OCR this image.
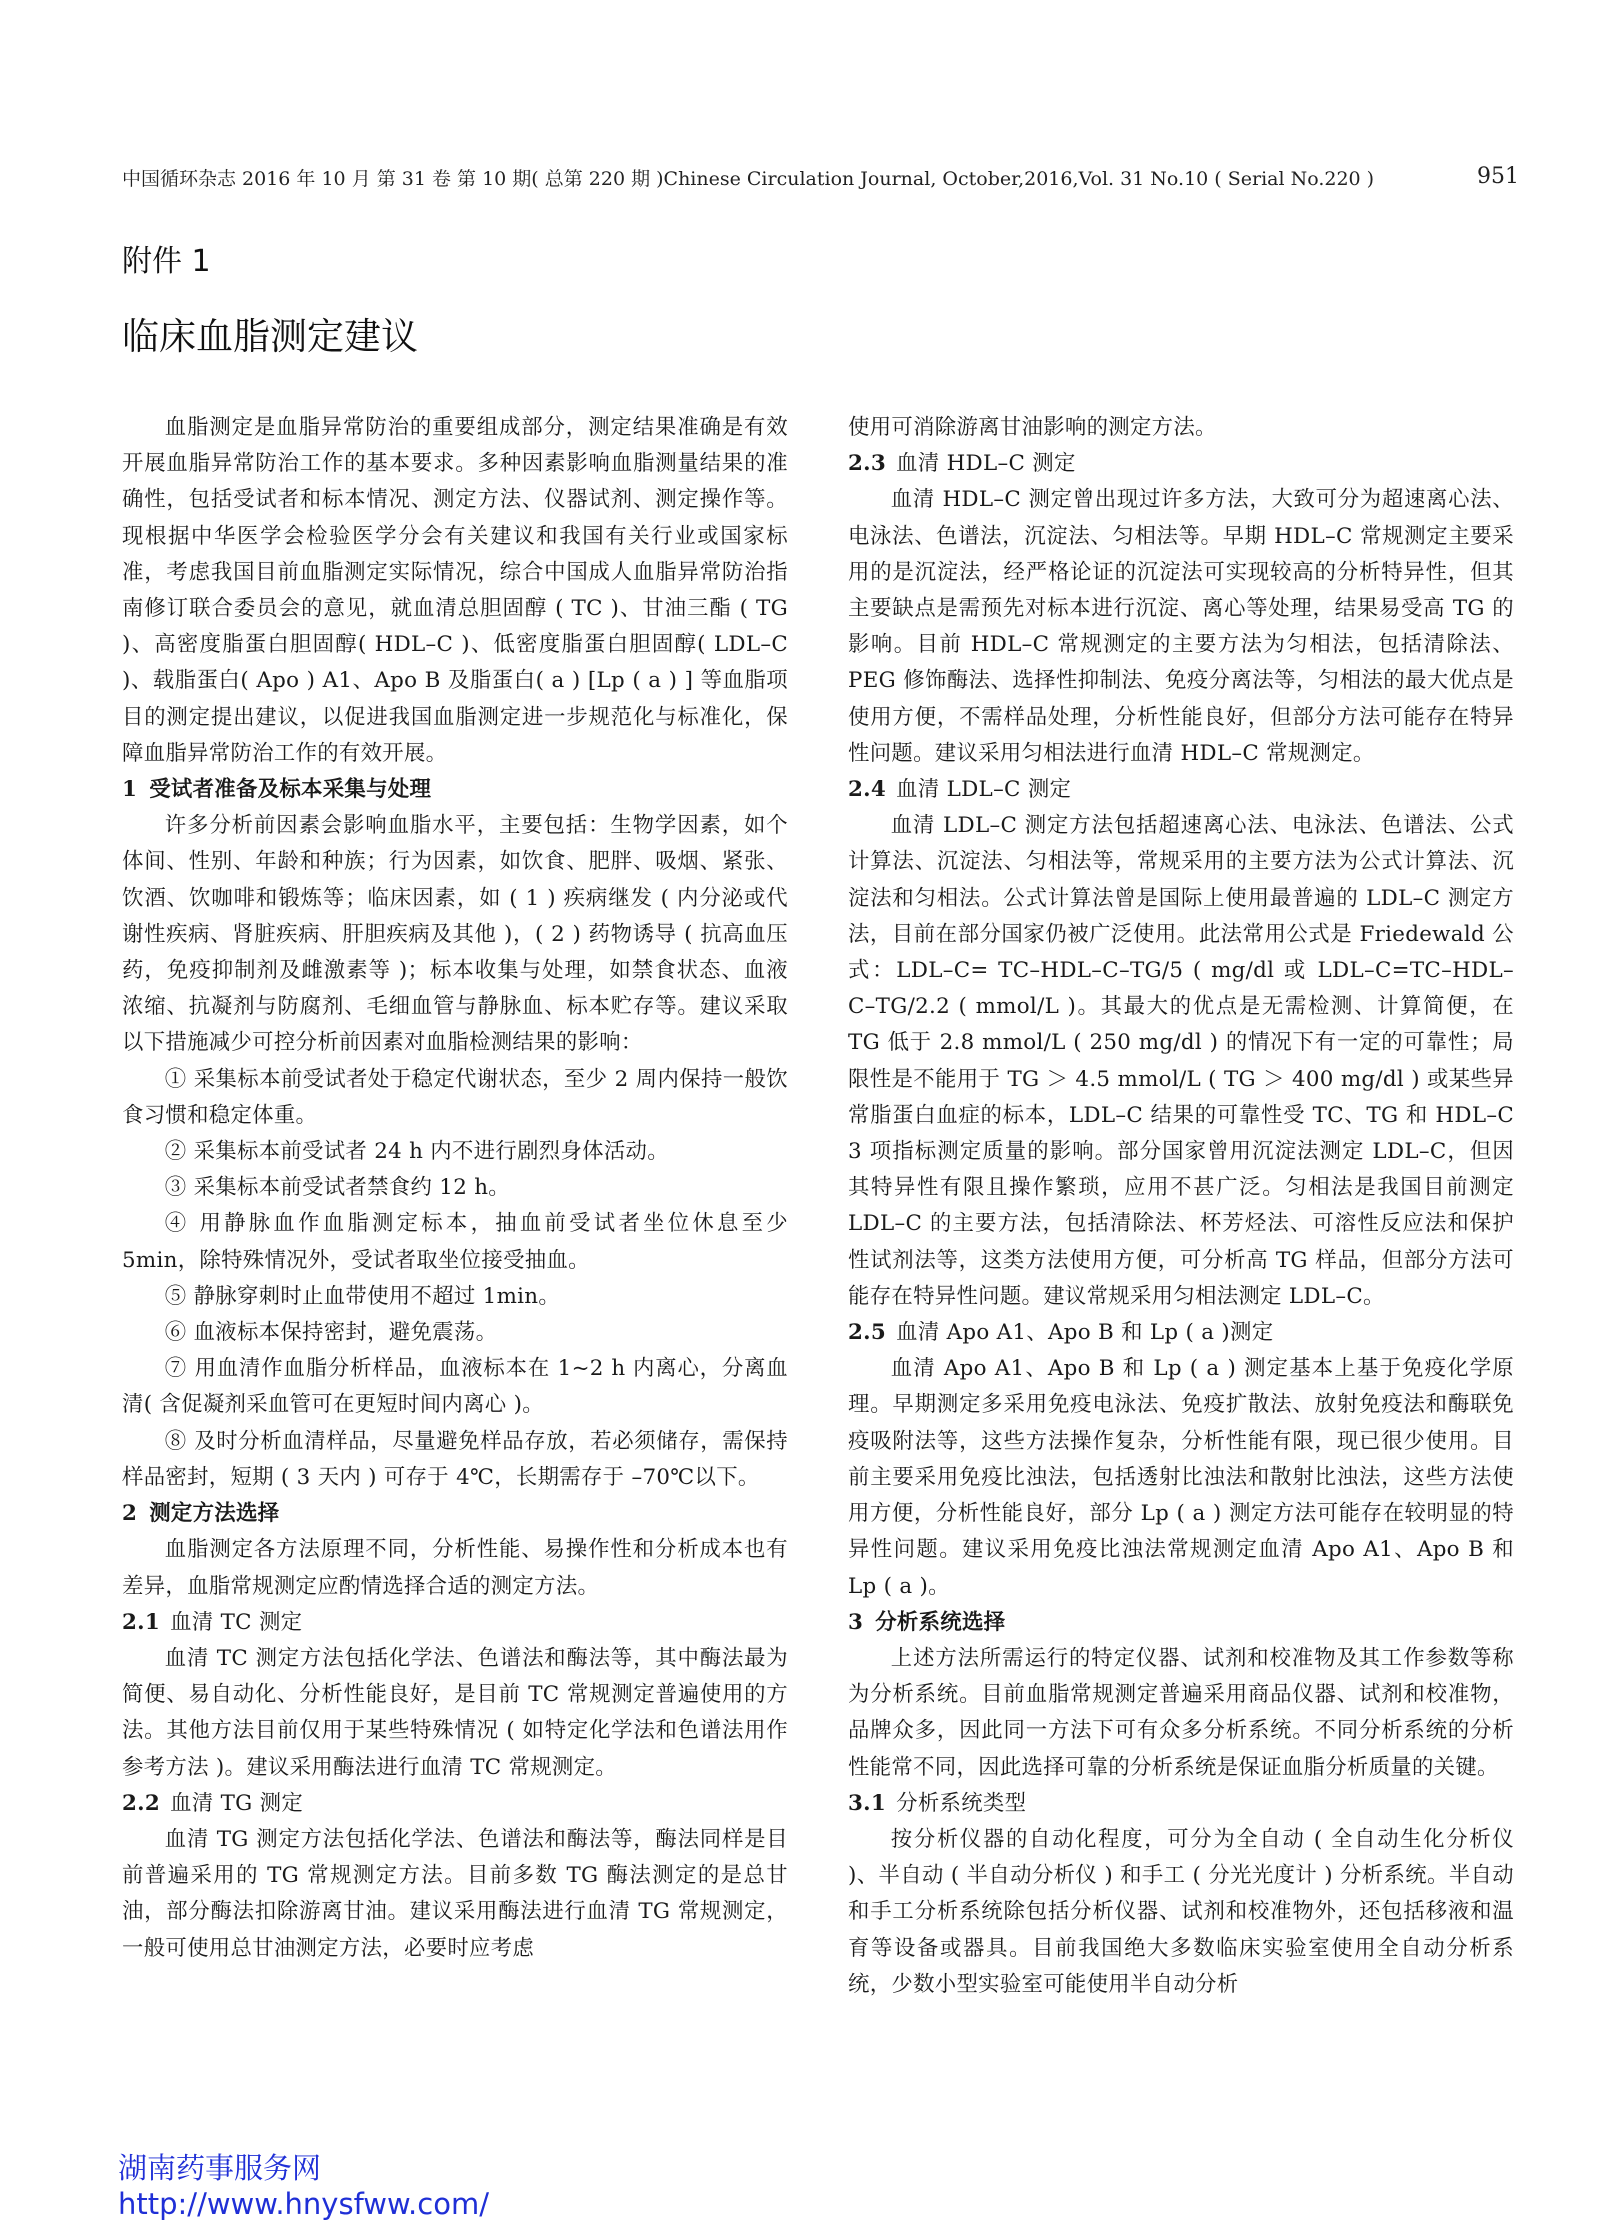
中国循环杂志 2016 年 10 月 第 31 卷 第 10 期( 总第 220 期 )Chinese Circulation Journal, October,2016,Vol. 31 No.10 ( Serial No.220 )	951
附件 1
临床血脂测定建议

血脂测定是血脂异常防治的重要组成部分，测定结果准确是有效开展血脂异常防治工作的基本要求。多种因素影响血脂测量结果的准确性，包括受试者和标本情况、测定方法、仪器试剂、测定操作等。现根据中华医学会检验医学分会有关建议和我国有关行业或国家标准，考虑我国目前血脂测定实际情况，综合中国成人血脂异常防治指南修订联合委员会的意见，就血清总胆固醇 ( TC )、甘油三酯 ( TG )、高密度脂蛋白胆固醇( HDL–C )、低密度脂蛋白胆固醇( LDL–C )、载脂蛋白( Apo ) A1、Apo B 及脂蛋白( a ) [Lp ( a ) ] 等血脂项目的测定提出建议，以促进我国血脂测定进一步规范化与标准化，保障血脂异常防治工作的有效开展。

1 受试者准备及标本采集与处理

许多分析前因素会影响血脂水平，主要包括：生物学因素，如个体间、性别、年龄和种族；行为因素，如饮食、肥胖、吸烟、紧张、饮酒、饮咖啡和锻炼等；临床因素，如 ( 1 ) 疾病继发 ( 内分泌或代谢性疾病、肾脏疾病、肝胆疾病及其他 )，( 2 ) 药物诱导 ( 抗高血压药，免疫抑制剂及雌激素等 )；标本收集与处理，如禁食状态、血液浓缩、抗凝剂与防腐剂、毛细血管与静脉血、标本贮存等。建议采取以下措施减少可控分析前因素对血脂检测结果的影响：

① 采集标本前受试者处于稳定代谢状态，至少 2 周内保持一般饮食习惯和稳定体重。

② 采集标本前受试者 24 h 内不进行剧烈身体活动。

③ 采集标本前受试者禁食约 12 h。

④ 用静脉血作血脂测定标本，抽血前受试者坐位休息至少 5min，除特殊情况外，受试者取坐位接受抽血。

⑤ 静脉穿刺时止血带使用不超过 1min。

⑥ 血液标本保持密封，避免震荡。

⑦ 用血清作血脂分析样品，血液标本在 1~2 h 内离心，分离血清( 含促凝剂采血管可在更短时间内离心 )。

⑧ 及时分析血清样品，尽量避免样品存放，若必须储存，需保持样品密封，短期 ( 3 天内 ) 可存于 4℃，长期需存于 –70℃以下。

2 测定方法选择

血脂测定各方法原理不同，分析性能、易操作性和分析成本也有差异，血脂常规测定应酌情选择合适的测定方法。

2.1 血清 TC 测定

血清 TC 测定方法包括化学法、色谱法和酶法等，其中酶法最为简便、易自动化、分析性能良好，是目前 TC 常规测定普遍使用的方法。其他方法目前仅用于某些特殊情况 ( 如特定化学法和色谱法用作参考方法 )。建议采用酶法进行血清 TC 常规测定。

2.2 血清 TG 测定

血清 TG 测定方法包括化学法、色谱法和酶法等，酶法同样是目前普遍采用的 TG 常规测定方法。目前多数 TG 酶法测定的是总甘油，部分酶法扣除游离甘油。建议采用酶法进行血清 TG 常规测定，一般可使用总甘油测定方法，必要时应考虑

使用可消除游离甘油影响的测定方法。

2.3 血清 HDL–C 测定

血清 HDL–C 测定曾出现过许多方法，大致可分为超速离心法、电泳法、色谱法，沉淀法、匀相法等。早期 HDL–C 常规测定主要采用的是沉淀法，经严格论证的沉淀法可实现较高的分析特异性，但其主要缺点是需预先对标本进行沉淀、离心等处理，结果易受高 TG 的影响。目前 HDL–C 常规测定的主要方法为匀相法，包括清除法、PEG 修饰酶法、选择性抑制法、免疫分离法等，匀相法的最大优点是使用方便，不需样品处理，分析性能良好，但部分方法可能存在特异性问题。建议采用匀相法进行血清 HDL–C 常规测定。

2.4 血清 LDL–C 测定

血清 LDL–C 测定方法包括超速离心法、电泳法、色谱法、公式计算法、沉淀法、匀相法等，常规采用的主要方法为公式计算法、沉淀法和匀相法。公式计算法曾是国际上使用最普遍的 LDL–C 测定方法，目前在部分国家仍被广泛使用。此法常用公式是 Friedewald 公式：LDL–C= TC–HDL–C–TG/5 ( mg/dl 或 LDL–C=TC–HDL–C–TG/2.2 ( mmol/L )。其最大的优点是无需检测、计算简便，在 TG 低于 2.8 mmol/L ( 250 mg/dl ) 的情况下有一定的可靠性；局限性是不能用于 TG ＞ 4.5 mmol/L ( TG ＞ 400 mg/dl ) 或某些异常脂蛋白血症的标本，LDL–C 结果的可靠性受 TC、TG 和 HDL–C 3 项指标测定质量的影响。部分国家曾用沉淀法测定 LDL–C，但因其特异性有限且操作繁琐，应用不甚广泛。匀相法是我国目前测定 LDL–C 的主要方法，包括清除法、杯芳烃法、可溶性反应法和保护性试剂法等，这类方法使用方便，可分析高 TG 样品，但部分方法可能存在特异性问题。建议常规采用匀相法测定 LDL–C。

2.5 血清 Apo A1、Apo B 和 Lp ( a )测定

血清 Apo A1、Apo B 和 Lp ( a ) 测定基本上基于免疫化学原理。早期测定多采用免疫电泳法、免疫扩散法、放射免疫法和酶联免疫吸附法等，这些方法操作复杂，分析性能有限，现已很少使用。目前主要采用免疫比浊法，包括透射比浊法和散射比浊法，这些方法使用方便，分析性能良好，部分 Lp ( a ) 测定方法可能存在较明显的特异性问题。建议采用免疫比浊法常规测定血清 Apo A1、Apo B 和 Lp ( a )。

3 分析系统选择

上述方法所需运行的特定仪器、试剂和校准物及其工作参数等称为分析系统。目前血脂常规测定普遍采用商品仪器、试剂和校准物，品牌众多，因此同一方法下可有众多分析系统。不同分析系统的分析性能常不同，因此选择可靠的分析系统是保证血脂分析质量的关键。

3.1 分析系统类型

按分析仪器的自动化程度，可分为全自动 ( 全自动生化分析仪 )、半自动 ( 半自动分析仪 ) 和手工 ( 分光光度计 ) 分析系统。半自动和手工分析系统除包括分析仪器、试剂和校准物外，还包括移液和温育等设备或器具。目前我国绝大多数临床实验室使用全自动分析系统，少数小型实验室可能使用半自动分析

湖南药事服务网
http://www.hnysfww.com/
